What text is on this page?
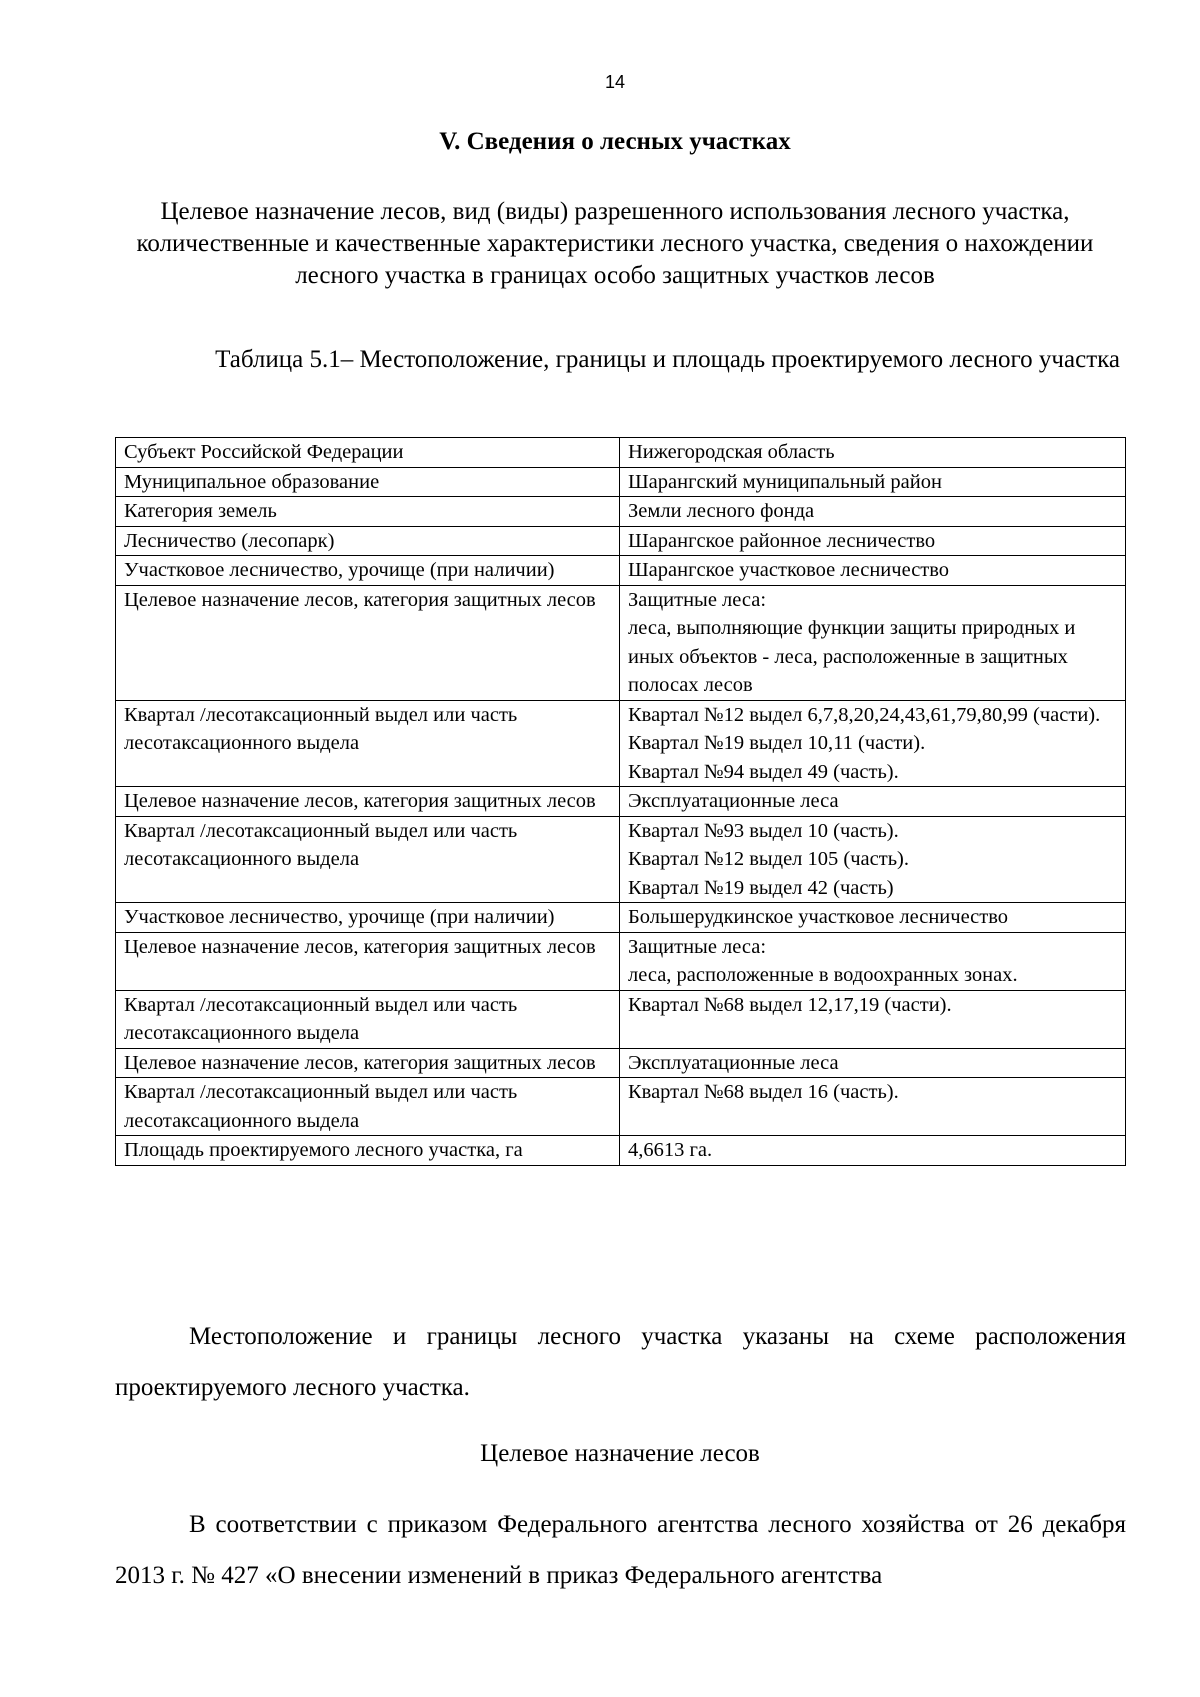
14
V. Сведения о лесных участках
Целевое назначение лесов, вид (виды) разрешенного использования лесного участка, количественные и качественные характеристики лесного участка, сведения о нахождении лесного участка в границах особо защитных участков лесов
Таблица 5.1– Местоположение, границы и площадь проектируемого лесного участка
Субъект Российской Федерации	Нижегородская область
Муниципальное образование	Шарангский муниципальный район
Категория земель	Земли лесного фонда
Лесничество (лесопарк)	Шарангское районное лесничество
Участковое лесничество, урочище (при наличии)	Шарангское участковое лесничество
Целевое назначение лесов, категория защитных лесов	Защитные леса:
леса, выполняющие функции защиты природных и иных объектов - леса, расположенные в защитных полосах лесов
Квартал /лесотаксационный выдел или часть лесотаксационного выдела	Квартал №12 выдел 6,7,8,20,24,43,61,79,80,99 (части). Квартал №19 выдел 10,11 (части).
Квартал №94 выдел 49 (часть).
Целевое назначение лесов, категория защитных лесов	Эксплуатационные леса
Квартал /лесотаксационный выдел или часть лесотаксационного выдела	Квартал №93 выдел 10 (часть).
Квартал №12 выдел 105 (часть).
Квартал №19 выдел 42 (часть)
Участковое лесничество, урочище (при наличии)	Большерудкинское участковое лесничество
Целевое назначение лесов, категория защитных лесов	Защитные леса:
леса, расположенные в водоохранных зонах.
Квартал /лесотаксационный выдел или часть лесотаксационного выдела	Квартал №68 выдел 12,17,19 (части).
Целевое назначение лесов, категория защитных лесов	Эксплуатационные леса
Квартал /лесотаксационный выдел или часть лесотаксационного выдела	Квартал №68 выдел 16 (часть).
Площадь проектируемого лесного участка, га	4,6613 га.

Местоположение и границы лесного участка указаны на схеме расположения проектируемого лесного участка.

Целевое назначение лесов

В соответствии с приказом Федерального агентства лесного хозяйства от 26 декабря 2013 г. № 427 «О внесении изменений в приказ Федерального агентства
